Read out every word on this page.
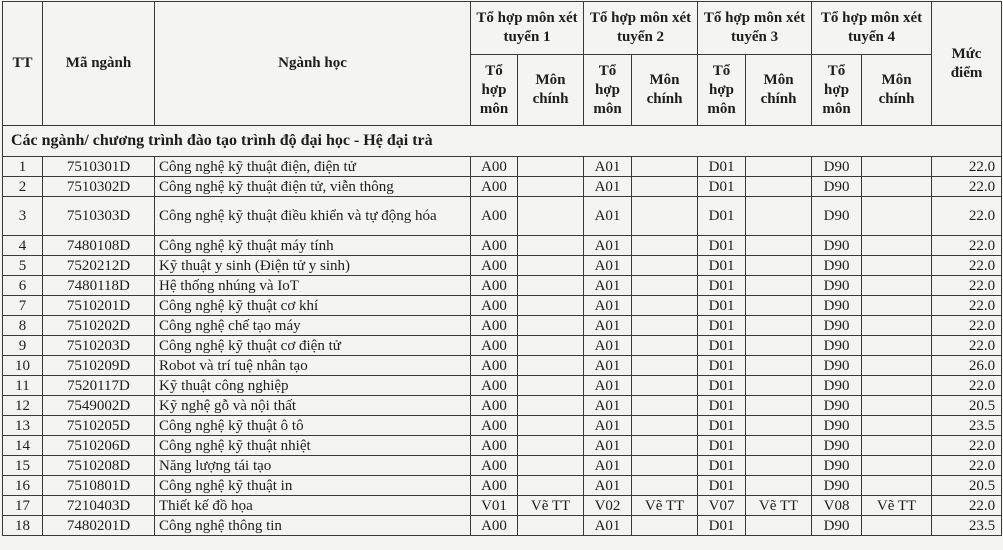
TT	Mã ngành	Ngành học	Tổ hợp môn xét tuyển 1		Tổ hợp môn xét tuyển 2		Tổ hợp môn xét tuyển 3		Tổ hợp môn xét tuyển 4		Mức điểm
			Tổ hợp môn	Môn chính	Tổ hợp môn	Môn chính	Tổ hợp môn	Môn chính	Tổ hợp môn	Môn chính	
Các ngành/ chương trình đào tạo trình độ đại học - Hệ đại trà											
1	7510301D	Công nghệ kỹ thuật điện, điện tử	A00		A01		D01		D90		22.0
2	7510302D	Công nghệ kỹ thuật điện tử, viễn thông	A00		A01		D01		D90		22.0
3	7510303D	Công nghệ kỹ thuật điều khiển và tự động hóa	A00		A01		D01		D90		22.0
4	7480108D	Công nghệ kỹ thuật máy tính	A00		A01		D01		D90		22.0
5	7520212D	Kỹ thuật y sinh (Điện tử y sinh)	A00		A01		D01		D90		22.0
6	7480118D	Hệ thống nhúng và IoT	A00		A01		D01		D90		22.0
7	7510201D	Công nghệ kỹ thuật cơ khí	A00		A01		D01		D90		22.0
8	7510202D	Công nghệ chế tạo máy	A00		A01		D01		D90		22.0
9	7510203D	Công nghệ kỹ thuật cơ điện tử	A00		A01		D01		D90		22.0
10	7510209D	Robot và trí tuệ nhân tạo	A00		A01		D01		D90		26.0
11	7520117D	Kỹ thuật công nghiệp	A00		A01		D01		D90		22.0
12	7549002D	Kỹ nghệ gỗ và nội thất	A00		A01		D01		D90		20.5
13	7510205D	Công nghệ kỹ thuật ô tô	A00		A01		D01		D90		23.5
14	7510206D	Công nghệ kỹ thuật nhiệt	A00		A01		D01		D90		22.0
15	7510208D	Năng lượng tái tạo	A00		A01		D01		D90		22.0
16	7510801D	Công nghệ kỹ thuật in	A00		A01		D01		D90		20.5
17	7210403D	Thiết kế đồ họa	V01	Vẽ TT	V02	Vẽ TT	V07	Vẽ TT	V08	Vẽ TT	22.0
18	7480201D	Công nghệ thông tin	A00		A01		D01		D90		23.5
